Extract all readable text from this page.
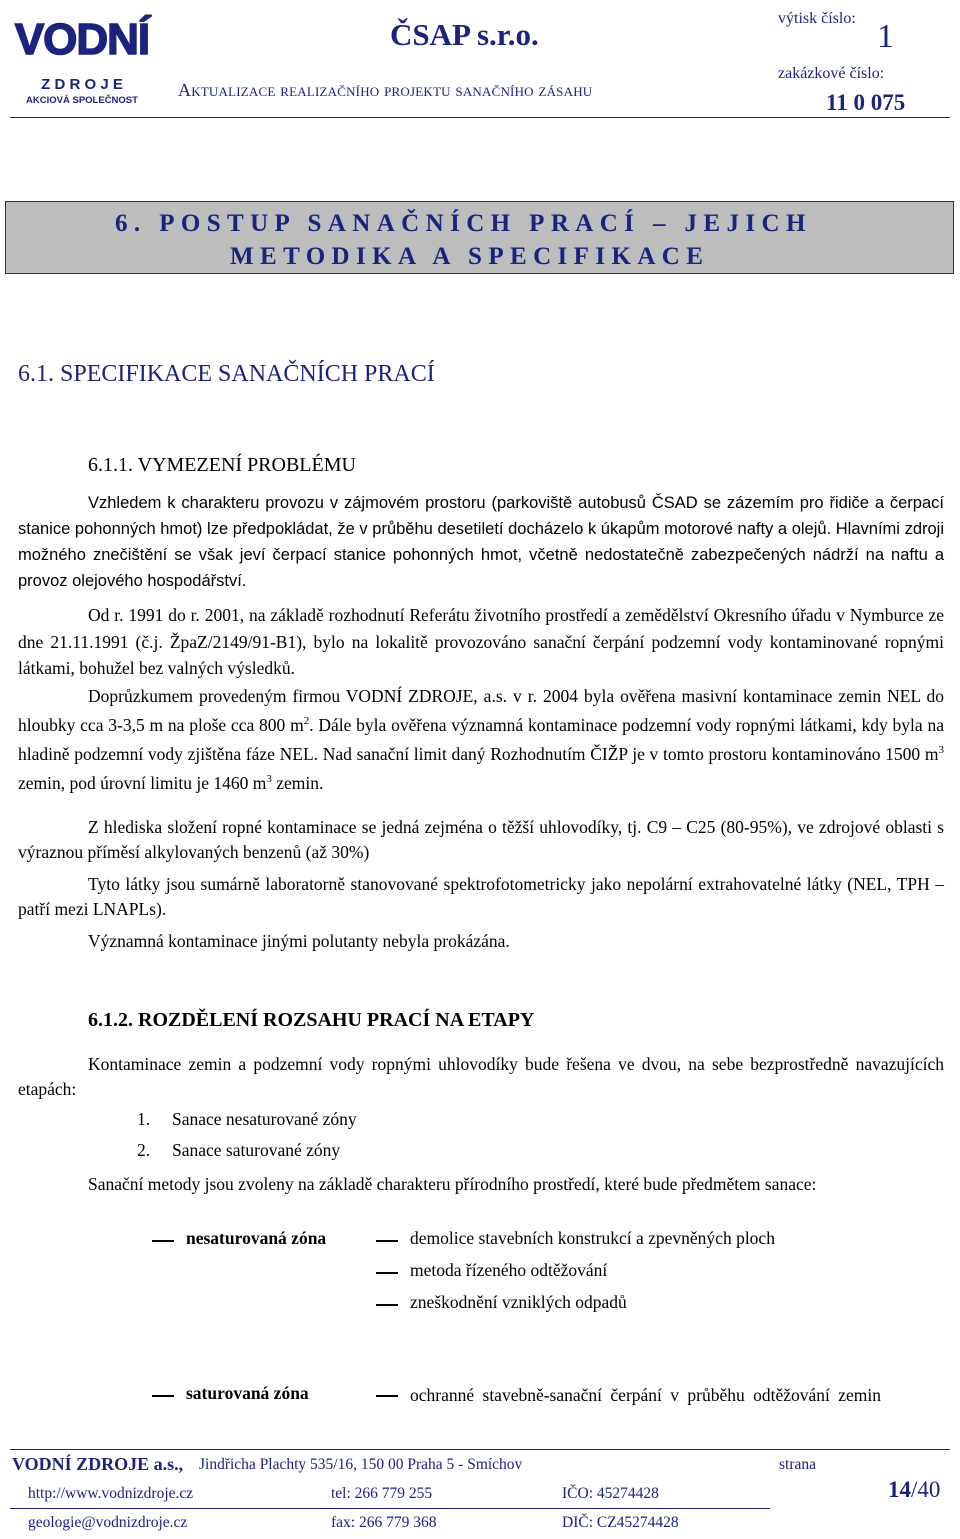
VODNÍ
Z D R O J E
AKCIOVÁ SPOLEČNOST
ČSAP s.r.o.
Aktualizace realizačního projektu sanačního zásahu
výtisk číslo: 1
zakázkové číslo:
11 0 075
6. POSTUP SANAČNÍCH PRACÍ – JEJICH
METODIKA A SPECIFIKACE
6.1. SPECIFIKACE SANAČNÍCH PRACÍ
6.1.1. VYMEZENÍ PROBLÉMU

Vzhledem k charakteru provozu v zájmovém prostoru (parkoviště autobusů ČSAD se zázemím pro řidiče a čerpací stanice pohonných hmot) lze předpokládat, že v průběhu desetiletí docházelo k úkapům motorové nafty a olejů. Hlavními zdroji možného znečištění se však jeví čerpací stanice pohonných hmot, včetně nedostatečně zabezpečených nádrží na naftu a provoz olejového hospodářství.

Od r. 1991 do r. 2001, na základě rozhodnutí Referátu životního prostředí a zemědělství Okresního úřadu v Nymburce ze dne 21.11.1991 (č.j. ŽpaZ/2149/91-B1), bylo na lokalitě provozováno sanační čerpání podzemní vody kontaminované ropnými látkami, bohužel bez valných výsledků.

Doprůzkumem provedeným firmou VODNÍ ZDROJE, a.s. v r. 2004 byla ověřena masivní kontaminace zemin NEL do hloubky cca 3-3,5 m na ploše cca 800 $m^2$. Dále byla ověřena významná kontaminace podzemní vody ropnými látkami, kdy byla na hladině podzemní vody zjištěna fáze NEL. Nad sanační limit daný Rozhodnutím ČIŽP je v tomto prostoru kontaminováno 1500 $m^3$ zemin, pod úrovní limitu je 1460 $m^3$ zemin.

Z hlediska složení ropné kontaminace se jedná zejména o těžší uhlovodíky, tj. C9 – C25 (80-95%), ve zdrojové oblasti s výraznou příměsí alkylovaných benzenů (až 30%)

Tyto látky jsou sumárně laboratorně stanovované spektrofotometricky jako nepolární extrahovatelné látky (NEL, TPH – patří mezi LNAPLs).

Významná kontaminace jinými polutanty nebyla prokázána.

6.1.2. ROZDĚLENÍ ROZSAHU PRACÍ NA ETAPY

Kontaminace zemin a podzemní vody ropnými uhlovodíky bude řešena ve dvou, na sebe bezprostředně navazujících etapách:

1. Sanace nesaturované zóny
2. Sanace saturované zóny

Sanační metody jsou zvoleny na základě charakteru přírodního prostředí, které bude předmětem sanace:

nesaturovaná zóna	demolice stavebních konstrukcí a zpevněných ploch
metoda řízeného odtěžování
zneškodnění vzniklých odpadů
saturovaná zóna	ochranné stavebně-sanační čerpání v průběhu odtěžování zemin
VODNÍ ZDROJE a.s., Jindřicha Plachty 535/16, 150 00 Praha 5 - Smíchov	strana
14/40
http://www.vodnizdroje.cz	tel: 266 779 255	IČO: 45274428
geologie@vodnizdroje.cz	fax: 266 779 368	DIČ: CZ45274428
